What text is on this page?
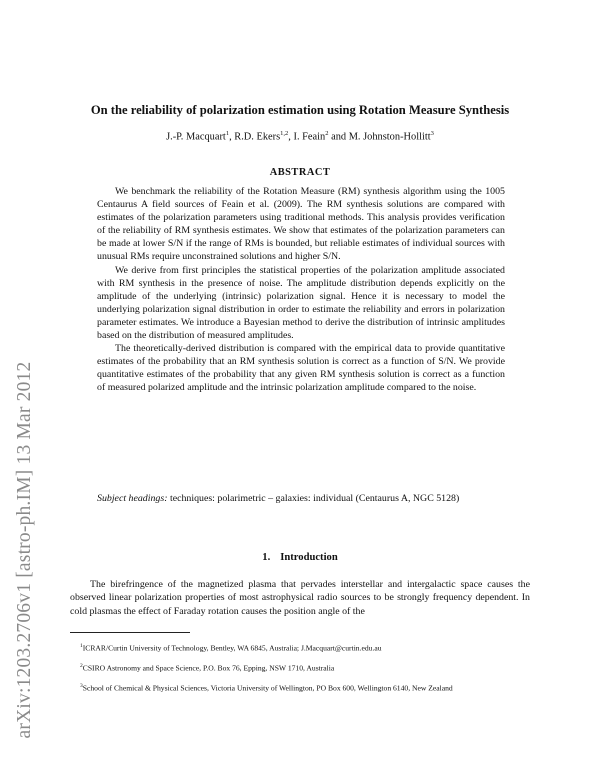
arXiv:1203.2706v1 [astro-ph.IM] 13 Mar 2012
On the reliability of polarization estimation using Rotation Measure Synthesis
J.-P. Macquart$^1$, R.D. Ekers$^{1,2}$, I. Feain$^2$ and M. Johnston-Hollitt$^3$
ABSTRACT

We benchmark the reliability of the Rotation Measure (RM) synthesis algorithm using the 1005 Centaurus A field sources of Feain et al. (2009). The RM synthesis solutions are compared with estimates of the polarization parameters using traditional methods. This analysis provides verification of the reliability of RM synthesis estimates. We show that estimates of the polarization parameters can be made at lower S/N if the range of RMs is bounded, but reliable estimates of individual sources with unusual RMs require unconstrained solutions and higher S/N.

We derive from first principles the statistical properties of the polarization amplitude associated with RM synthesis in the presence of noise. The amplitude distribution depends explicitly on the amplitude of the underlying (intrinsic) polarization signal. Hence it is necessary to model the underlying polarization signal distribution in order to estimate the reliability and errors in polarization parameter estimates. We introduce a Bayesian method to derive the distribution of intrinsic amplitudes based on the distribution of measured amplitudes.

The theoretically-derived distribution is compared with the empirical data to provide quantitative estimates of the probability that an RM synthesis solution is correct as a function of S/N. We provide quantitative estimates of the probability that any given RM synthesis solution is correct as a function of measured polarized amplitude and the intrinsic polarization amplitude compared to the noise.

Subject headings: techniques: polarimetric – galaxies: individual (Centaurus A, NGC 5128)
1. Introduction

The birefringence of the magnetized plasma that pervades interstellar and intergalactic space causes the observed linear polarization properties of most astrophysical radio sources to be strongly frequency dependent. In cold plasmas the effect of Faraday rotation causes the position angle of the

$^1$ICRAR/Curtin University of Technology, Bentley, WA 6845, Australia; J.Macquart@curtin.edu.au

$^2$CSIRO Astronomy and Space Science, P.O. Box 76, Epping, NSW 1710, Australia

$^3$School of Chemical & Physical Sciences, Victoria University of Wellington, PO Box 600, Wellington 6140, New Zealand
